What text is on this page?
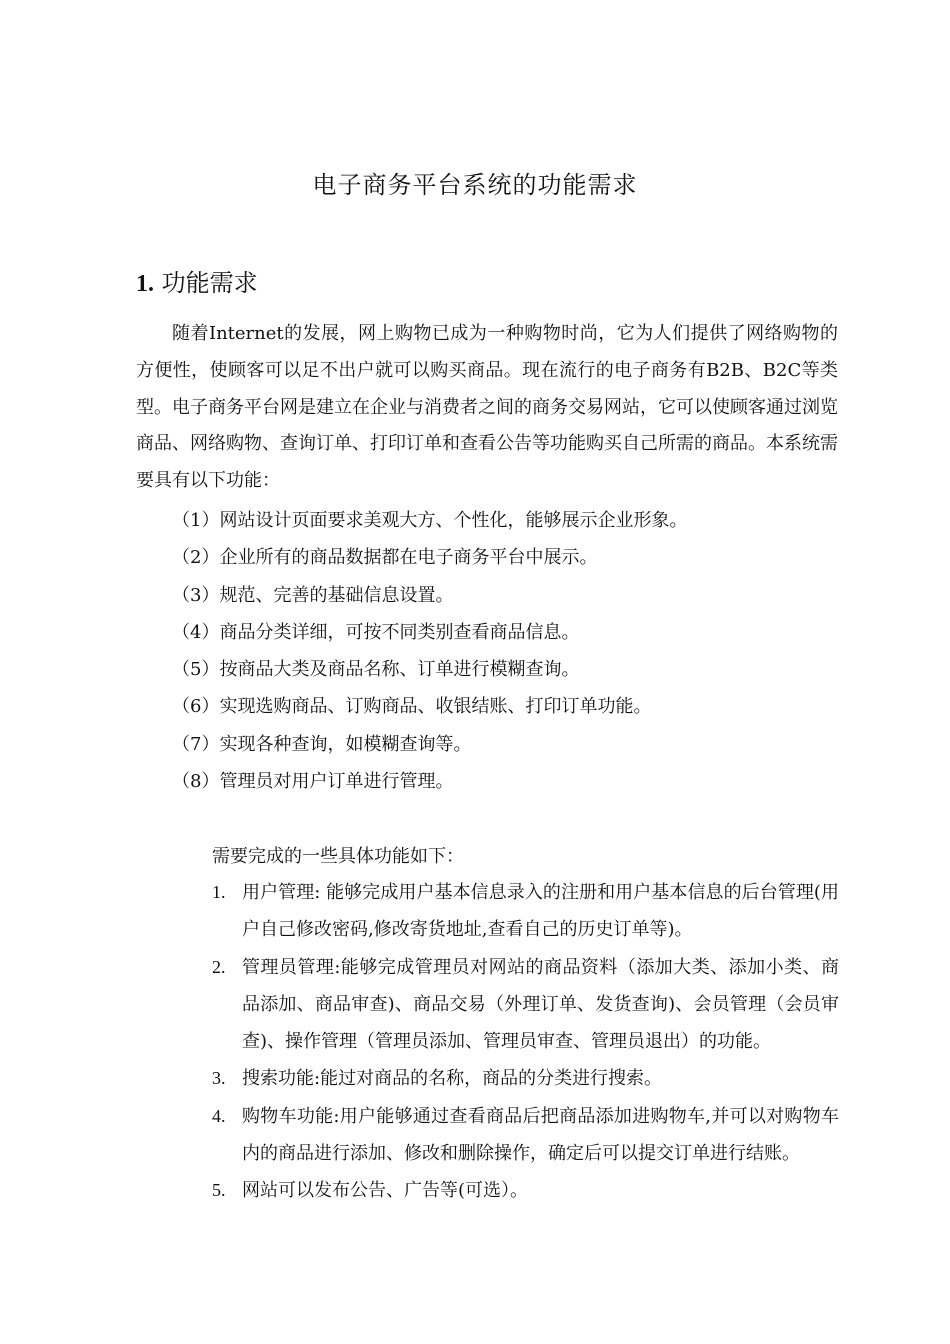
电子商务平台系统的功能需求
1. 功能需求

随着Internet的发展，网上购物已成为一种购物时尚，它为人们提供了网络购物的方便性，使顾客可以足不出户就可以购买商品。现在流行的电子商务有B2B、B2C等类型。电子商务平台网是建立在企业与消费者之间的商务交易网站，它可以使顾客通过浏览商品、网络购物、查询订单、打印订单和查看公告等功能购买自己所需的商品。本系统需要具有以下功能：

（1）网站设计页面要求美观大方、个性化，能够展示企业形象。
（2）企业所有的商品数据都在电子商务平台中展示。
（3）规范、完善的基础信息设置。
（4）商品分类详细，可按不同类别查看商品信息。
（5）按商品大类及商品名称、订单进行模糊查询。
（6）实现选购商品、订购商品、收银结账、打印订单功能。
（7）实现各种查询，如模糊查询等。
（8）管理员对用户订单进行管理。
需要完成的一些具体功能如下：
1. 用户管理: 能够完成用户基本信息录入的注册和用户基本信息的后台管理(用户自己修改密码,修改寄货地址,查看自己的历史订单等)。
2. 管理员管理:能够完成管理员对网站的商品资料（添加大类、添加小类、商品添加、商品审查)、商品交易（外理订单、发货查询)、会员管理（会员审查)、操作管理（管理员添加、管理员审查、管理员退出）的功能。
3. 搜索功能:能过对商品的名称，商品的分类进行搜索。
4. 购物车功能:用户能够通过查看商品后把商品添加进购物车,并可以对购物车内的商品进行添加、修改和删除操作，确定后可以提交订单进行结账。
5. 网站可以发布公告、广告等(可选）。
